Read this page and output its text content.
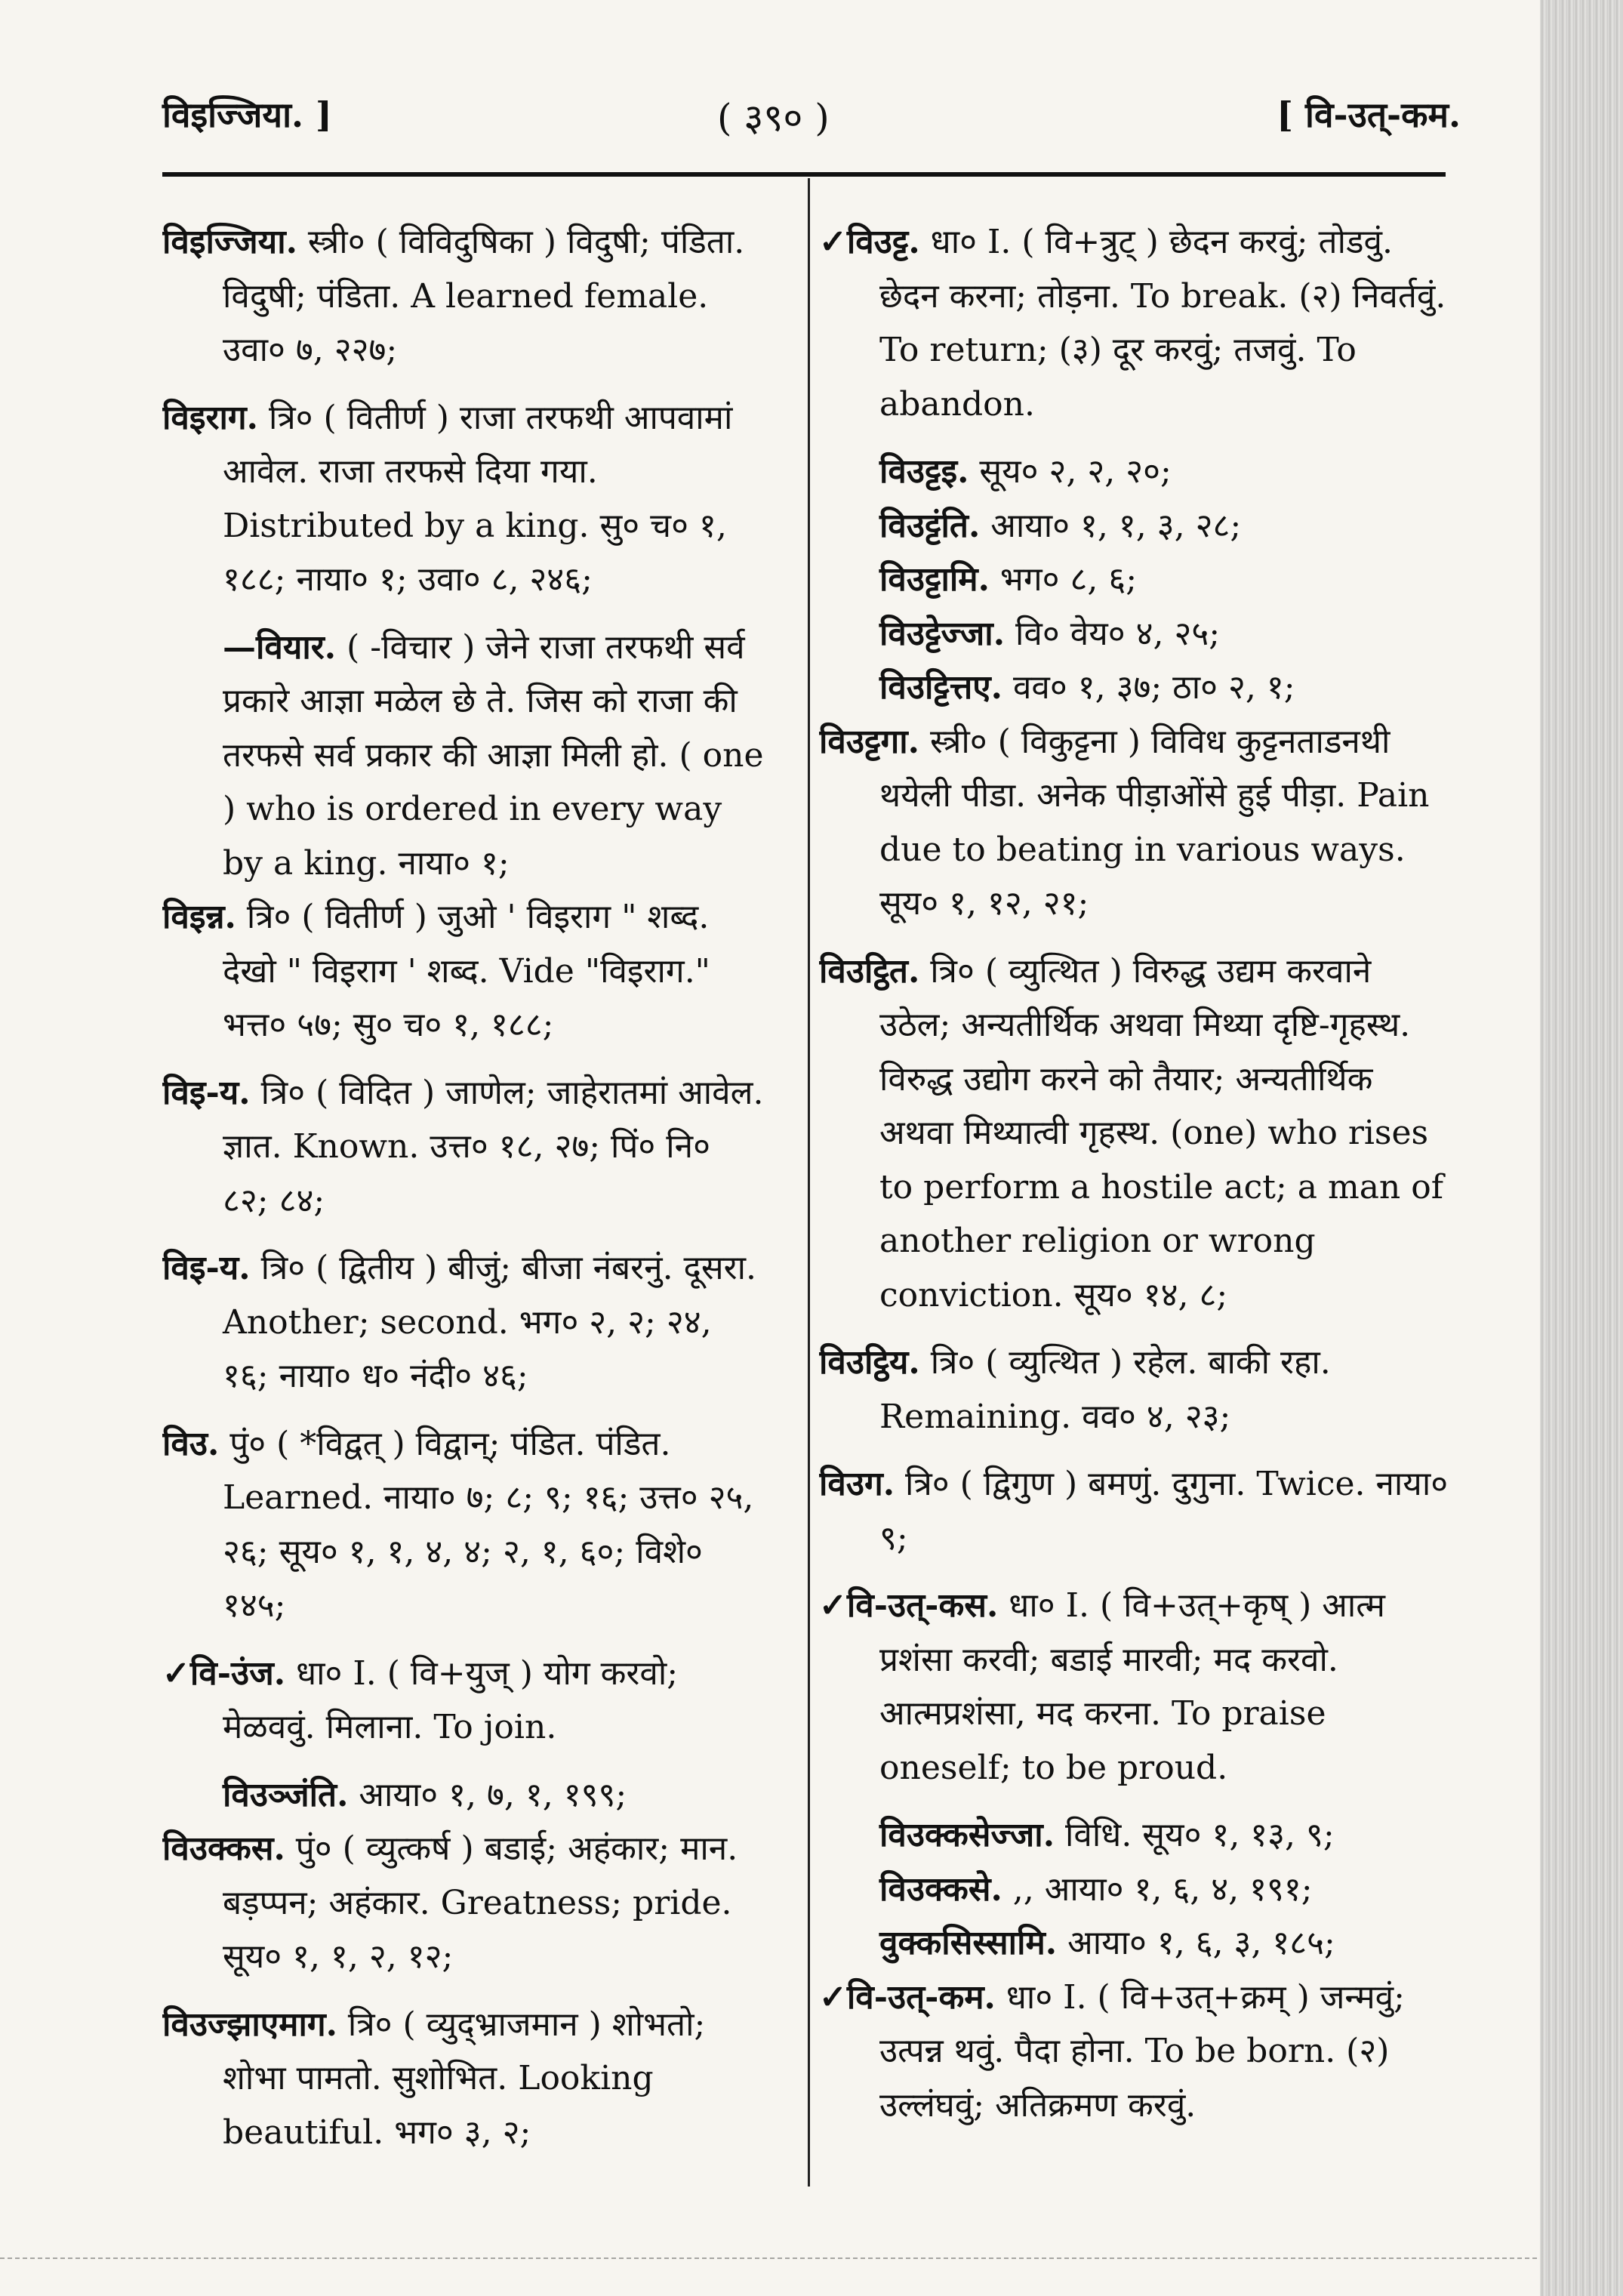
विइज्जिया. ]	( ३९० )	[ वि-उत्-कम.

विइज्जिया. स्त्री० ( विविदुषिका ) विदुषी; पंडिता. विदुषी; पंडिता. A learned female. उवा० ७, २२७;

विइराग. त्रि० ( वितीर्ण ) राजा तरफथी आपवामां आवेल. राजा तरफसे दिया गया. Distributed by a king. सु० च० १, १८८; नाया० १; उवा० ८, २४६;

—वियार. ( -विचार ) जेने राजा तरफथी सर्व प्रकारे आज्ञा मळेल छे ते. जिस को राजा की तरफसे सर्व प्रकार की आज्ञा मिली हो. ( one ) who is ordered in every way by a king. नाया० १;

विइन्न. त्रि० ( वितीर्ण ) जुओ ' विइराग " शब्द. देखो " विइराग ' शब्द. Vide "विइराग." भत्त० ५७; सु० च० १, १८८;

विइ-य. त्रि० ( विदित ) जाणेल; जाहेरातमां आवेल. ज्ञात. Known. उत्त० १८, २७; पिं० नि० ८२; ८४;

विइ-य. त्रि० ( द्वितीय ) बीजुं; बीजा नंबरनुं. दूसरा. Another; second. भग० २, २; २४, १६; नाया० ध० नंदी० ४६;

विउ. पुं० ( *विद्वत् ) विद्वान्; पंडित. पंडित. Learned. नाया० ७; ८; ९; १६; उत्त० २५, २६; सूय० १, १, ४, ४; २, १, ६०; विशे० १४५;

✓वि-उंज. धा० I. ( वि+युज् ) योग करवो; मेळववुं. मिलाना. To join.

विउञ्जंति. आया० १, ७, १, १९९;

विउक्कस. पुं० ( व्युत्कर्ष ) बडाई; अहंकार; मान. बड़प्पन; अहंकार. Greatness; pride. सूय० १, १, २, १२;

विउज्झाएमाग. त्रि० ( व्युद्भ्राजमान ) शोभतो; शोभा पामतो. सुशोभित. Looking beautiful. भग० ३, २;

✓विउट्ट. धा० I. ( वि+त्रुट् ) छेदन करवुं; तोडवुं. छेदन करना; तोड़ना. To break. (२) निवर्तवुं. To return; (३) दूर करवुं; तजवुं. To abandon.

विउट्टइ. सूय० २, २, २०;

विउट्टंति. आया० १, १, ३, २८;

विउट्टामि. भग० ८, ६;

विउट्टेज्जा. वि० वेय० ४, २५;

विउट्टित्तए. वव० १, ३७; ठा० २, १;

विउट्टगा. स्त्री० ( विकुट्टना ) विविध कुट्टनताडनथी थयेली पीडा. अनेक पीड़ाओंसे हुई पीड़ा. Pain due to beating in various ways. सूय० १, १२, २१;

विउट्ठित. त्रि० ( व्युत्थित ) विरुद्ध उद्यम करवाने उठेल; अन्यतीर्थिक अथवा मिथ्या दृष्टि-गृहस्थ. विरुद्ध उद्योग करने को तैयार; अन्यतीर्थिक अथवा मिथ्यात्वी गृहस्थ. (one) who rises to perform a hostile act; a man of another religion or wrong conviction. सूय० १४, ८;

विउट्ठिय. त्रि० ( व्युत्थित ) रहेल. बाकी रहा. Remaining. वव० ४, २३;

विउग. त्रि० ( द्विगुण ) बमणुं. दुगुना. Twice. नाया० ९;

✓वि-उत्-कस. धा० I. ( वि+उत्+कृष् ) आत्म प्रशंसा करवी; बडाई मारवी; मद करवो. आत्मप्रशंसा, मद करना. To praise oneself; to be proud.

विउक्कसेज्जा. विधि. सूय० १, १३, ९;

विउक्कसे. ,, आया० १, ६, ४, १९१;

वुक्कसिस्सामि. आया० १, ६, ३, १८५;

✓वि-उत्-कम. धा० I. ( वि+उत्+क्रम् ) जन्मवुं; उत्पन्न थवुं. पैदा होना. To be born. (२) उल्लंघवुं; अतिक्रमण करवुं.
